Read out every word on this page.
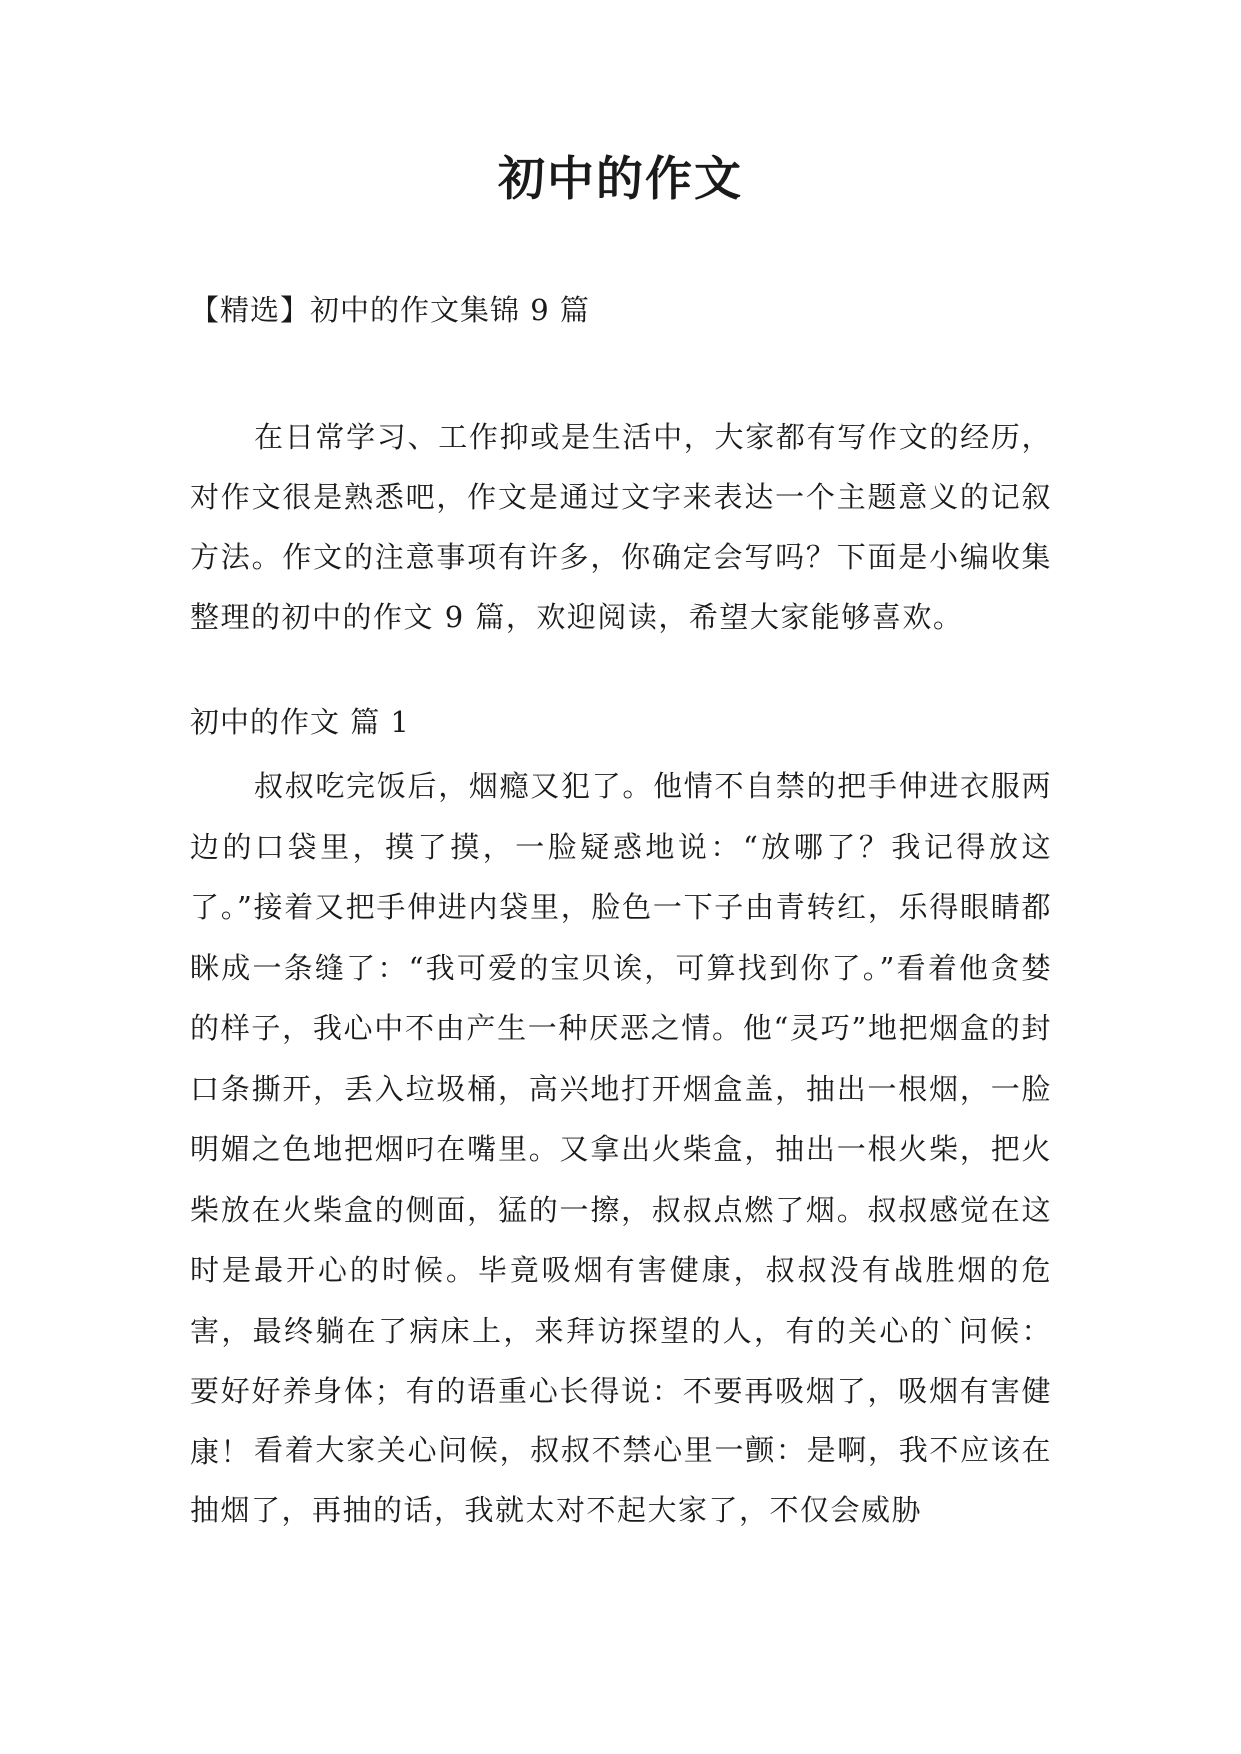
初中的作文

【精选】初中的作文集锦 9 篇

在日常学习、工作抑或是生活中，大家都有写作文的经历，对作文很是熟悉吧，作文是通过文字来表达一个主题意义的记叙方法。作文的注意事项有许多，你确定会写吗？下面是小编收集整理的初中的作文 9 篇，欢迎阅读，希望大家能够喜欢。

初中的作文 篇 1

叔叔吃完饭后，烟瘾又犯了。他情不自禁的把手伸进衣服两边的口袋里，摸了摸，一脸疑惑地说：“放哪了？我记得放这了。”接着又把手伸进内袋里，脸色一下子由青转红，乐得眼睛都眯成一条缝了：“我可爱的宝贝诶，可算找到你了。”看着他贪婪的样子，我心中不由产生一种厌恶之情。他“灵巧”地把烟盒的封口条撕开，丢入垃圾桶，高兴地打开烟盒盖，抽出一根烟，一脸明媚之色地把烟叼在嘴里。又拿出火柴盒，抽出一根火柴，把火柴放在火柴盒的侧面，猛的一擦，叔叔点燃了烟。叔叔感觉在这时是最开心的时候。毕竟吸烟有害健康，叔叔没有战胜烟的危害，最终躺在了病床上，来拜访探望的人，有的关心的`问候：要好好养身体；有的语重心长得说：不要再吸烟了，吸烟有害健康！ 看着大家关心问候，叔叔不禁心里一颤：是啊，我不应该在抽烟了，再抽的话，我就太对不起大家了，不仅会威胁
